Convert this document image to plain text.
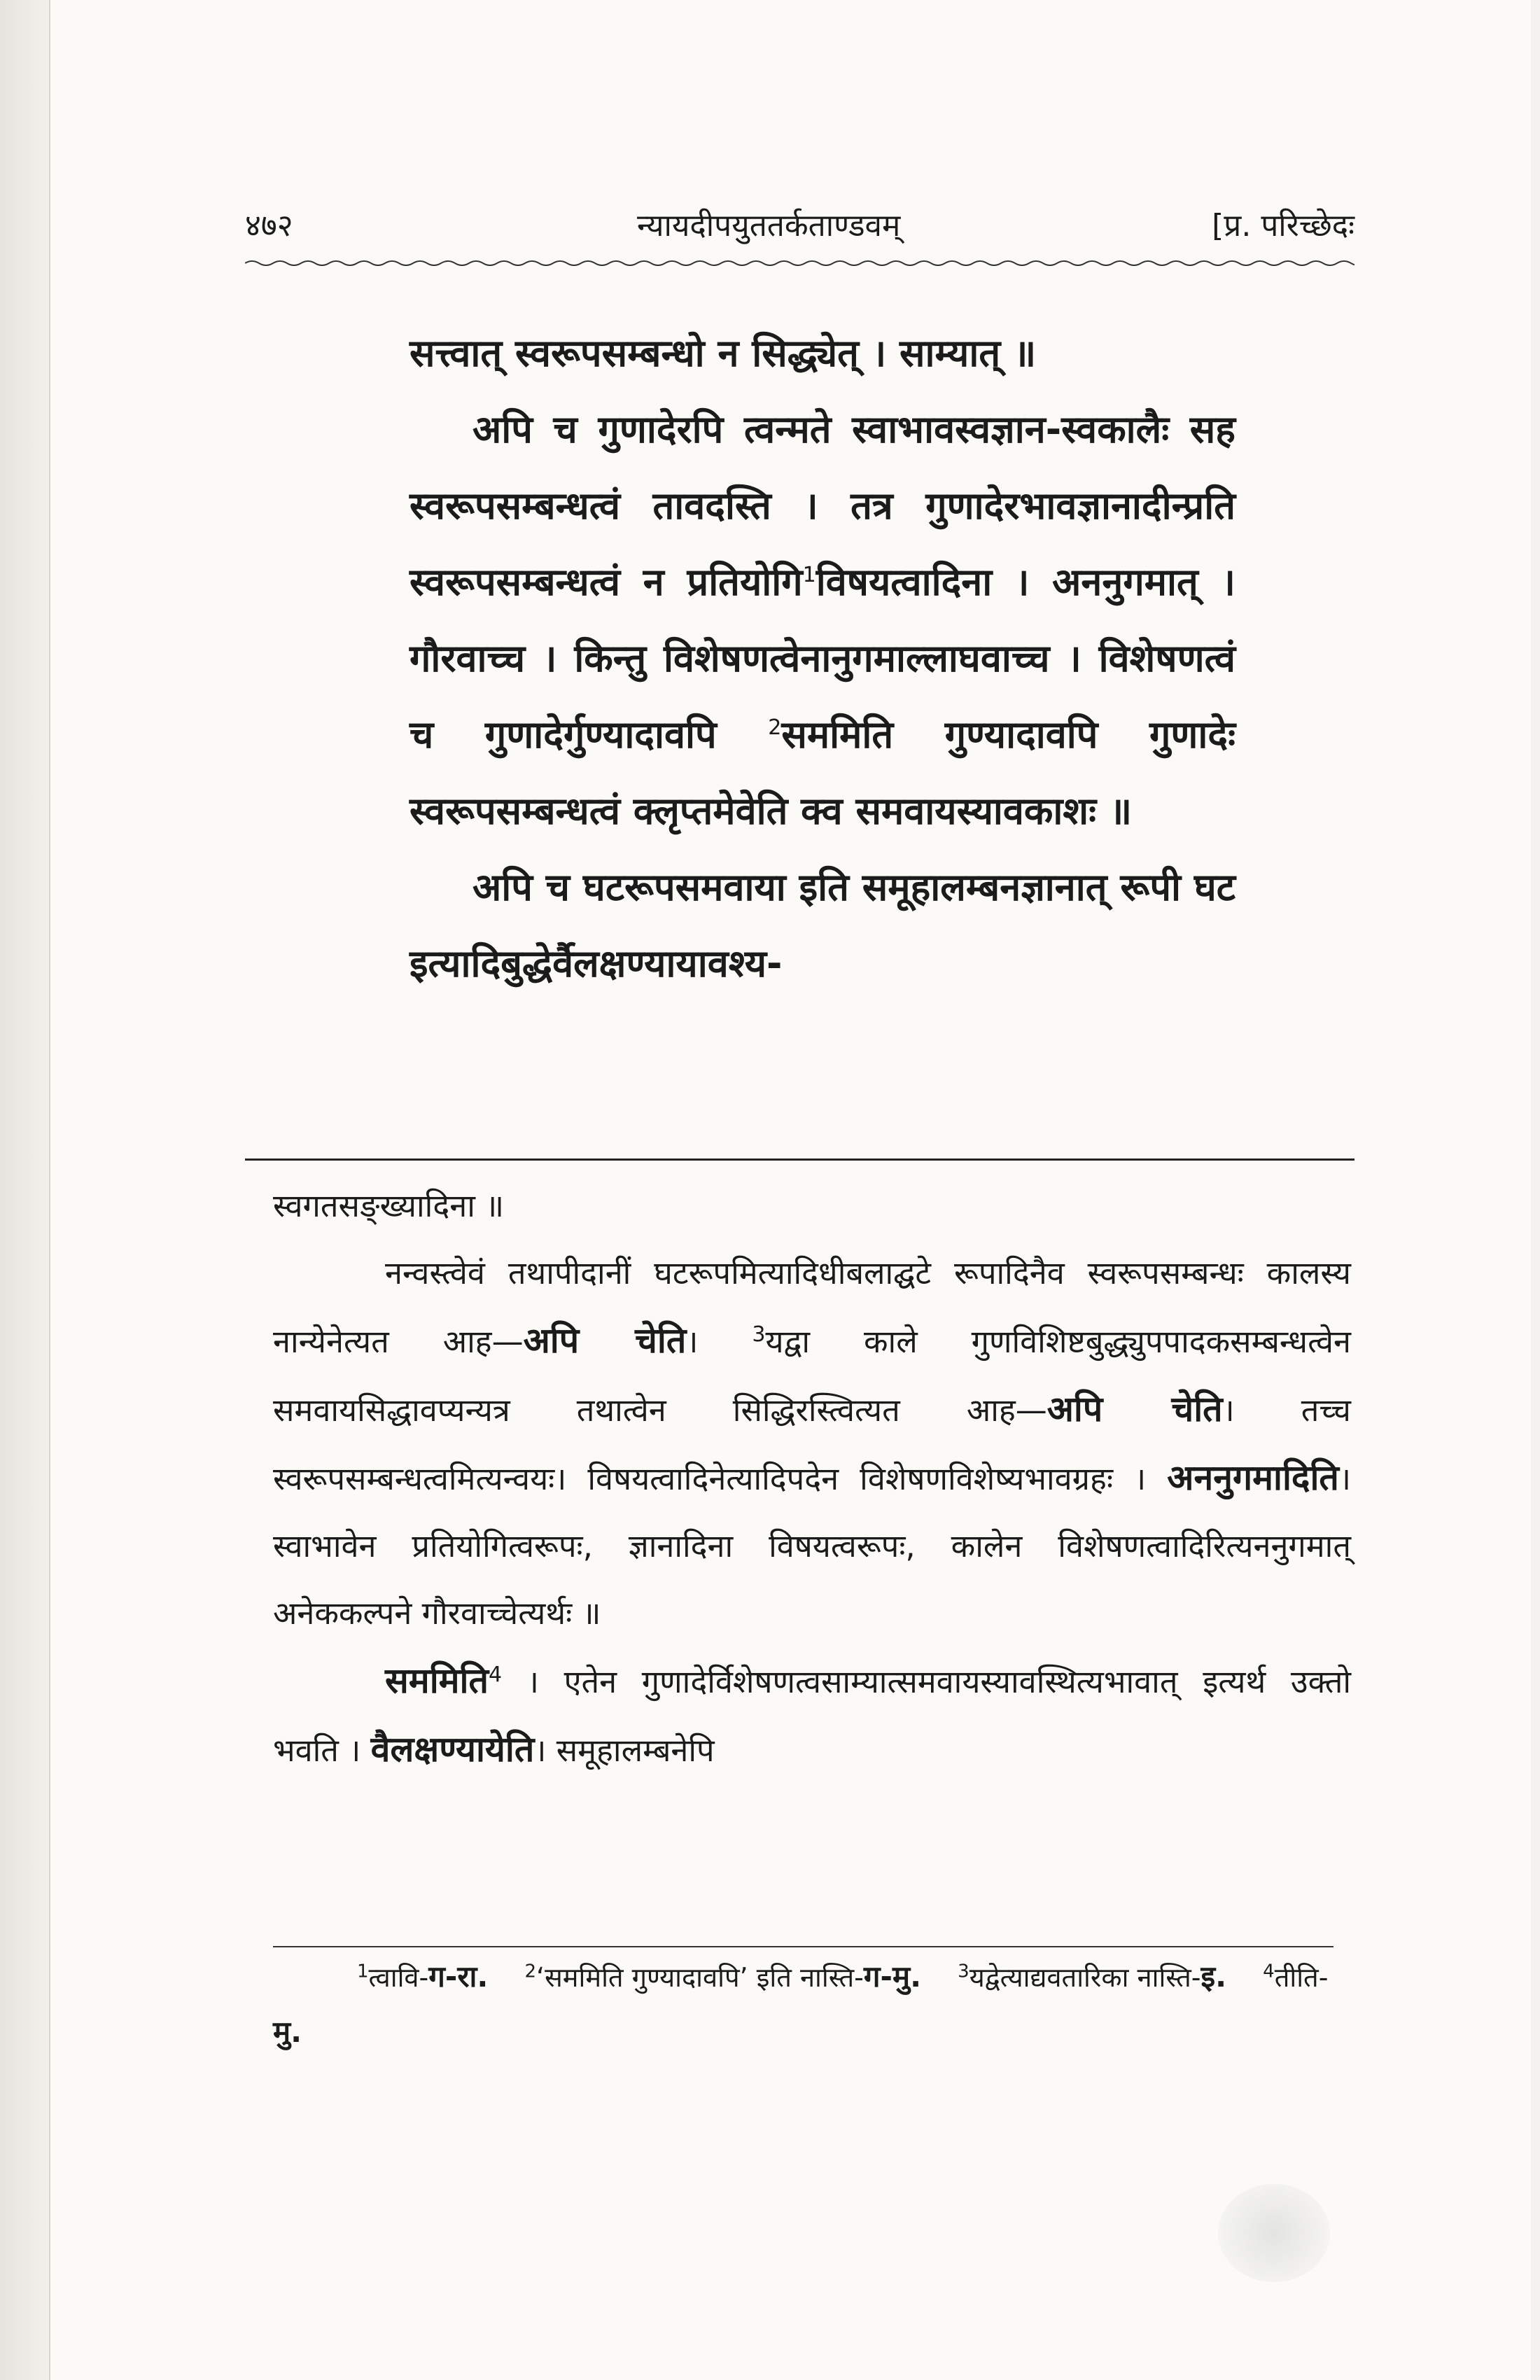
४७२	न्यायदीपयुततर्कताण्डवम्	[प्र. परिच्छेदः

सत्त्वात् स्वरूपसम्बन्धो न सिद्ध्येत् । साम्यात् ॥

अपि च गुणादेरपि त्वन्मते स्वाभावस्वज्ञान-स्वकालैः सह स्वरूपसम्बन्धत्वं तावदस्ति । तत्र गुणादेरभावज्ञानादीन्प्रति स्वरूपसम्बन्धत्वं न प्रतियोगि$^1$विषयत्वादिना । अननुगमात् । गौरवाच्च । किन्तु विशेषणत्वेनानुगमाल्लाघवाच्च । विशेषणत्वं च गुणादेर्गुण्यादावपि $^2$सममिति गुण्यादावपि गुणादेः स्वरूपसम्बन्धत्वं क्लृप्तमेवेति क्व समवायस्यावकाशः ॥

अपि च घटरूपसमवाया इति समूहालम्बनज्ञानात् रूपी घट इत्यादिबुद्धेर्वैलक्षण्यायावश्य-

स्वगतसङ्ख्यादिना ॥

नन्वस्त्वेवं तथापीदानीं घटरूपमित्यादिधीबलाद्घटे रूपादिनैव स्वरूपसम्बन्धः कालस्य नान्येनेत्यत आह—अपि चेति।	$^3$यद्वा काले गुणविशिष्टबुद्ध्युपपादकसम्बन्धत्वेन समवायसिद्धावप्यन्यत्र तथात्वेन सिद्धिरस्त्वित्यत आह—अपि चेति। तच्च स्वरूपसम्बन्धत्वमित्यन्वयः। विषयत्वादिनेत्यादिपदेन विशेषणविशेष्यभावग्रहः । अननुगमादिति। स्वाभावेन प्रतियोगित्वरूपः, ज्ञानादिना विषयत्वरूपः, कालेन विशेषणत्वादिरित्यननुगमात् अनेककल्पने गौरवाच्चेत्यर्थः ॥

सममिति$^4$ । एतेन गुणादेर्विशेषणत्वसाम्यात्समवायस्यावस्थित्यभावात् इत्यर्थ उक्तो भवति । वैलक्षण्यायेति। समूहालम्बनेपि

$^1$त्वावि-ग-रा. $^2$‘सममिति गुण्यादावपि’ इति नास्ति-ग-मु. $^3$यद्वेत्याद्यवतारिका नास्ति-इ. $^4$तीति-मु.
